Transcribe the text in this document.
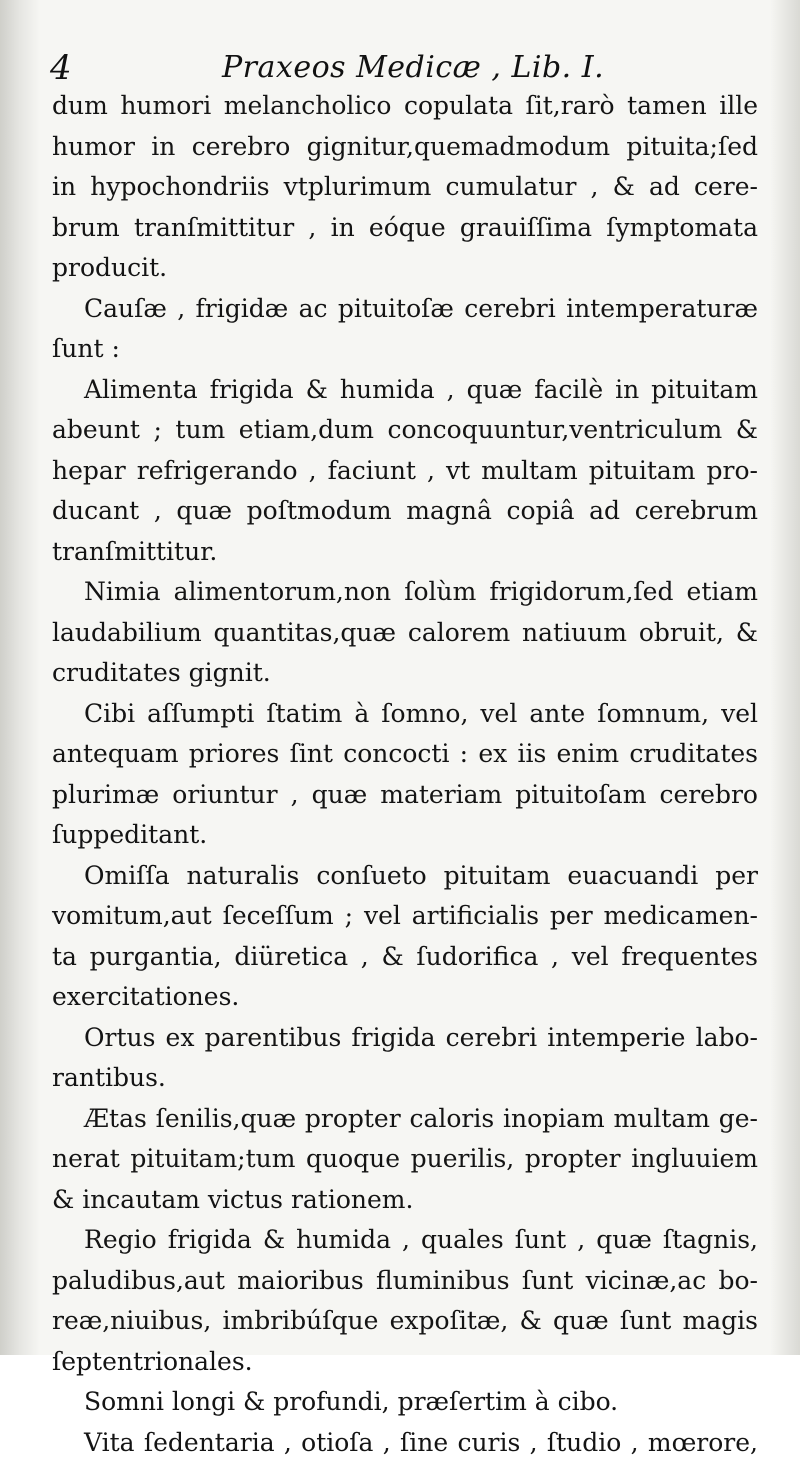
4	Praxeos Medicæ , Lib. I.
dum humori melancholico copulata ſit,rarò tamen ille
humor in cerebro gignitur,quemadmodum pituita;ſed
in hypochondriis vtplurimum cumulatur , & ad cere-
brum tranſmittitur , in eóque grauiſſima ſymptomata
producit.
Cauſæ , frigidæ ac pituitoſæ cerebri intemperaturæ
ſunt :
Alimenta frigida & humida , quæ facilè in pituitam
abeunt ; tum etiam,dum concoquuntur,ventriculum &
hepar refrigerando , faciunt , vt multam pituitam pro-
ducant , quæ poſtmodum magnâ copiâ ad cerebrum
tranſmittitur.
Nimia alimentorum,non ſolùm frigidorum,ſed etiam
laudabilium quantitas,quæ calorem natiuum obruit, &
cruditates gignit.
Cibi aſſumpti ſtatim à ſomno, vel ante ſomnum, vel
antequam priores ſint concocti : ex iis enim cruditates
plurimæ oriuntur , quæ materiam pituitoſam cerebro
ſuppeditant.
Omiſſa naturalis conſueto pituitam euacuandi per
vomitum,aut ſeceſſum ; vel artificialis per medicamen-
ta purgantia, diüretica , & ſudorifica , vel frequentes
exercitationes.
Ortus ex parentibus frigida cerebri intemperie labo-
rantibus.
Ætas ſenilis,quæ propter caloris inopiam multam ge-
nerat pituitam;tum quoque puerilis, propter ingluuiem
& incautam victus rationem.
Regio frigida & humida , quales ſunt , quæ ſtagnis,
paludibus,aut maioribus fluminibus ſunt vicinæ,ac bo-
reæ,niuibus, imbribúſque expoſitæ, & quæ ſunt magis
ſeptentrionales.
Somni longi & profundi, præſertim à cibo.
Vita ſedentaria , otioſa , ſine curis , ſtudio , mœrore,
